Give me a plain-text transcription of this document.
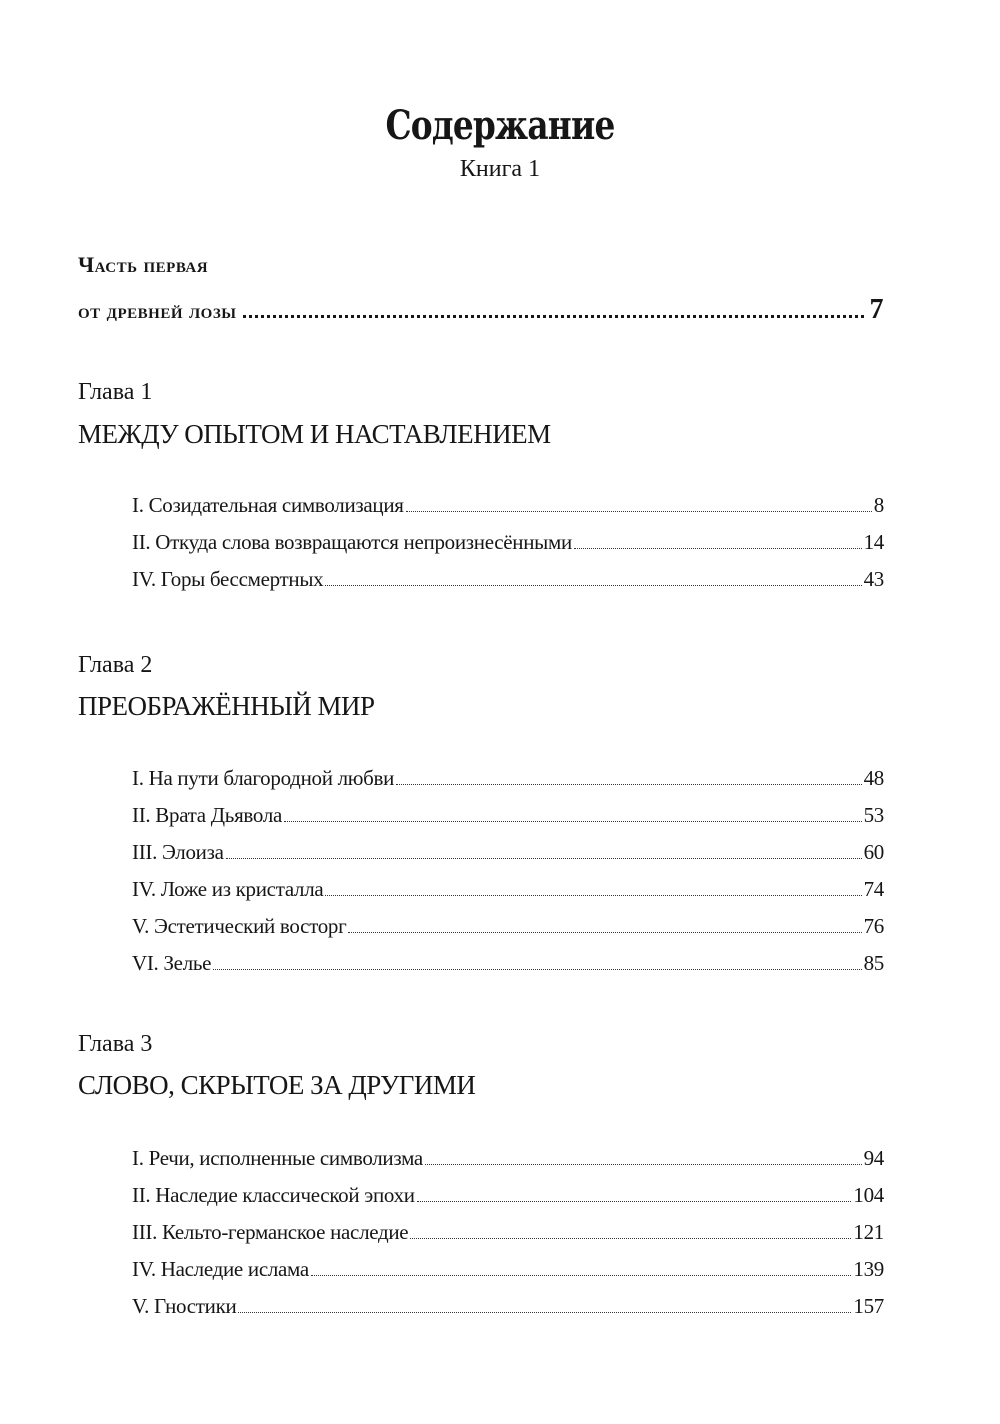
Содержание
Книга 1
Часть первая
от древней лозы	7
Глава 1
МЕЖДУ ОПЫТОМ И НАСТАВЛЕНИЕМ
I. Созидательная символизация	8
II. Откуда слова возвращаются непроизнесёнными	14
IV. Горы бессмертных	43
Глава 2
ПРЕОБРАЖЁННЫЙ МИР
I. На пути благородной любви	48
II. Врата Дьявола	53
III. Элоиза	60
IV. Ложе из кристалла	74
V. Эстетический восторг	76
VI. Зелье	85
Глава 3
СЛОВО, СКРЫТОЕ ЗА ДРУГИМИ
I. Речи, исполненные символизма	94
II. Наследие классической эпохи	104
III. Кельто-германское наследие	121
IV. Наследие ислама	139
V. Гностики	157
